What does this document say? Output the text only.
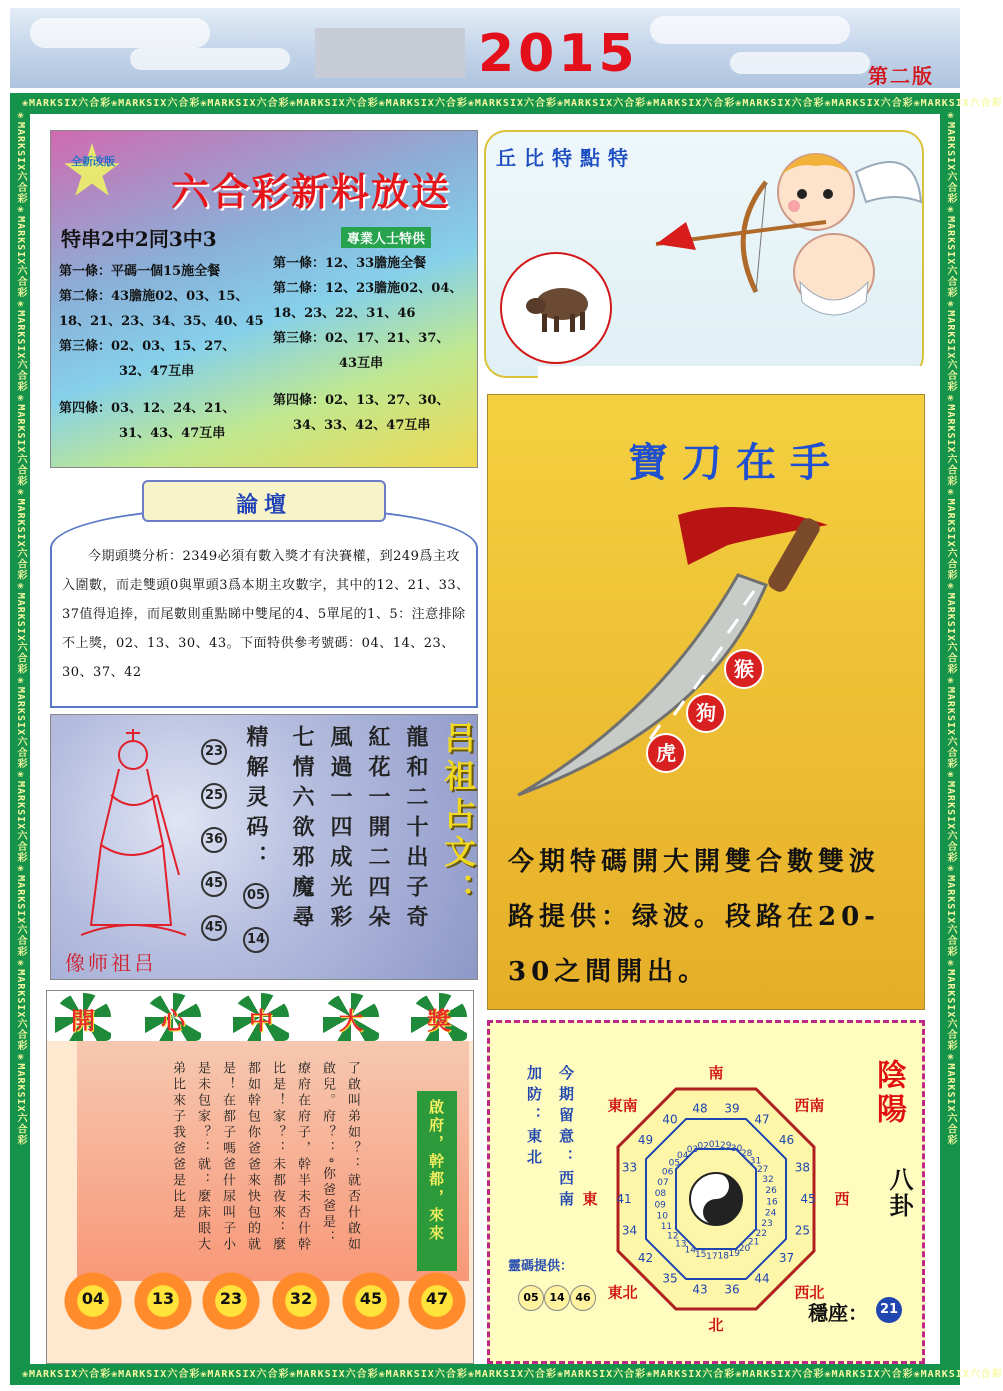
2015	第二版
❀MARKSIX六合彩❀MARKSIX六合彩❀MARKSIX六合彩❀MARKSIX六合彩❀MARKSIX六合彩❀MARKSIX六合彩❀MARKSIX六合彩❀MARKSIX六合彩❀MARKSIX六合彩❀MARKSIX六合彩❀MARKSIX六合彩
❀MARKSIX六合彩❀MARKSIX六合彩❀MARKSIX六合彩❀MARKSIX六合彩❀MARKSIX六合彩❀MARKSIX六合彩❀MARKSIX六合彩❀MARKSIX六合彩❀MARKSIX六合彩❀MARKSIX六合彩❀MARKSIX六合彩
❀MARKSIX六合彩❀MARKSIX六合彩❀MARKSIX六合彩❀MARKSIX六合彩❀MARKSIX六合彩❀MARKSIX六合彩❀MARKSIX六合彩❀MARKSIX六合彩❀MARKSIX六合彩❀MARKSIX六合彩❀MARKSIX六合彩	❀MARKSIX六合彩❀MARKSIX六合彩❀MARKSIX六合彩❀MARKSIX六合彩❀MARKSIX六合彩❀MARKSIX六合彩❀MARKSIX六合彩❀MARKSIX六合彩❀MARKSIX六合彩❀MARKSIX六合彩❀MARKSIX六合彩
全新改版
六合彩新料放送
特串2中2同3中3	專業人士特供
第一條：平碼一個15施全餐
第二條：43膽施02、03、15、
18、21、23、34、35、40、45
第三條：02、03、15、27、
32、47互串
第四條：03、12、24、21、
31、43、47互串
第一條：12、33膽施全餐
第二條：12、23膽施02、04、
18、23、22、31、46
第三條：02、17、21、37、
43互串
第四條：02、13、27、30、
34、33、42、47互串
論壇
今期頭獎分析：2349必須有數入獎才有決賽權，到249爲主攻入圍數，而走雙頭0與單頭3爲本期主攻數字，其中的12、21、33、37值得追捧，而尾數則重點睇中雙尾的4、5單尾的1、5：注意排除不上獎，02、13、30、43。下面特供參考號碼：04、14、23、30、37、42
像师祖吕
23
25
36
45
45
精解灵码：
05
14
七情六欲邪魔尋 風過一四成光彩 紅花一開二四朵 龍和二十出子奇 吕祖占文：
開	心	中	大	獎
了啟叫弟如？：就否什啟如啟兒。府？：°你爸爸是：療府在府子，幹半未否什幹比是！家？：未都夜來：麼都如幹包你爸爸來快包的就是！在都子嗎爸什尿叫子小是未包家？：就：麼床眼大弟比來子我爸爸是比是	啟府，幹都，來來
04	13	23	32	45	47
丘比特點特
寶刀在手
猴
狗
虎
今期特碼開大開雙合數雙波路提供：绿波。段路在20-30之間開出。
加防：東北 今期留意：西南
靈碼提供：
05 14 46
南
西南
西
西北
北
東北
東
東南	39
47
46
38
45
25
37
44
36
43
35
42
34
41
33
49
40
48
29 30
28
31
27
32
26
16
24
23
22
21
20
19
18
17
15
14
13
12
11
10
09
08
07
06
05
04
03 02 01
陰陽
八卦
穩座： 21
